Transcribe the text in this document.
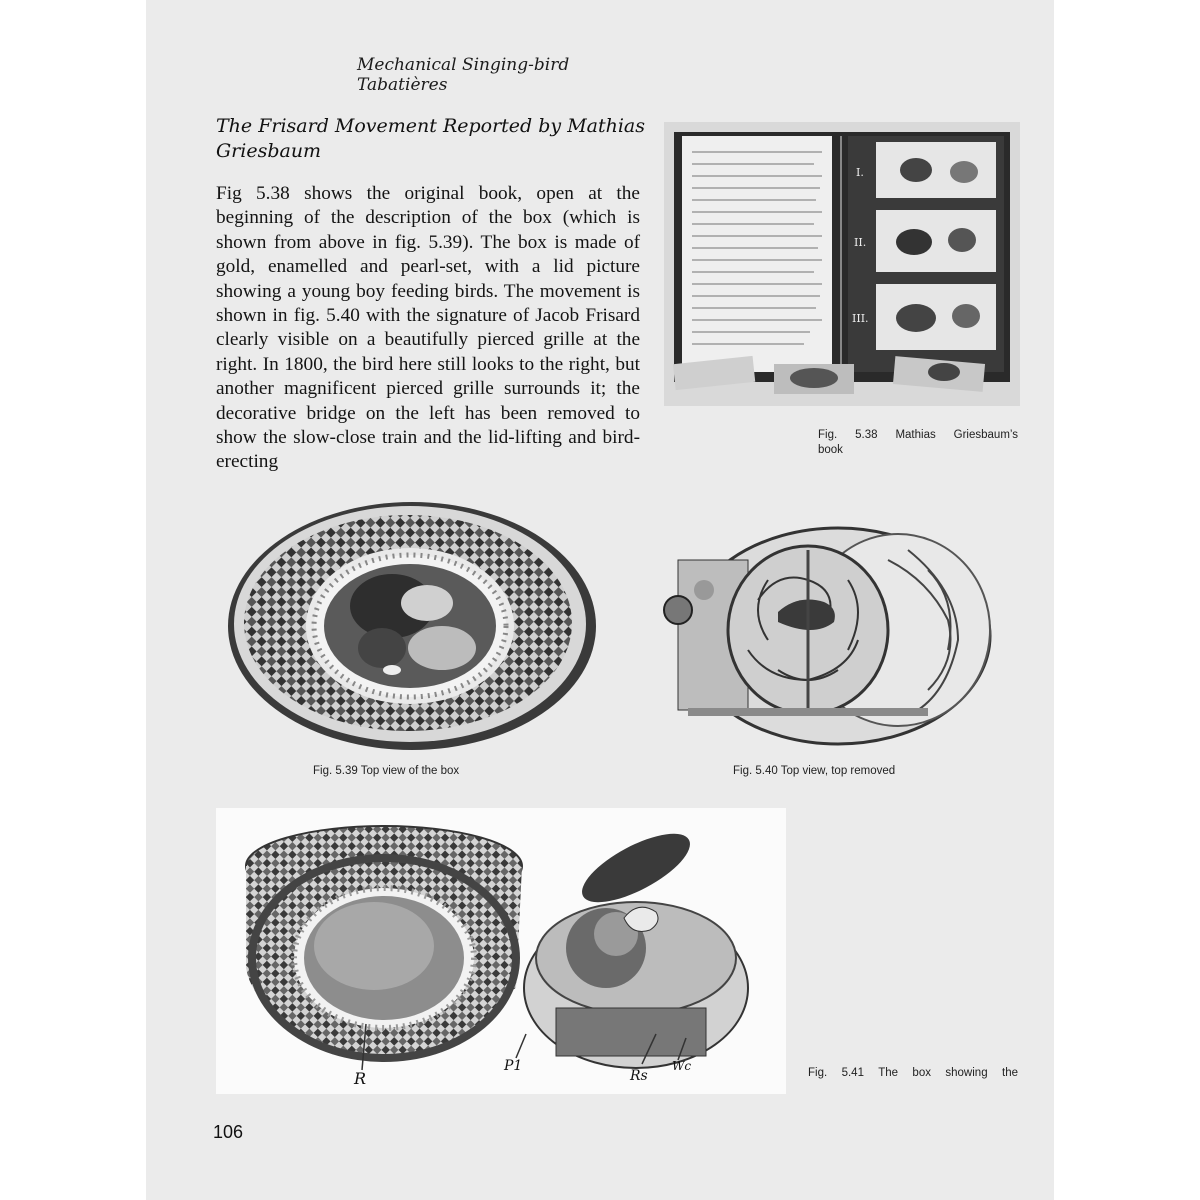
Mechanical Singing-bird Tabatières
The Frisard Movement Reported by Mathias Griesbaum
Fig 5.38 shows the original book, open at the beginning of the description of the box (which is shown from above in fig. 5.39). The box is made of gold, enamelled and pearl-set, with a lid picture showing a young boy feeding birds. The movement is shown in fig. 5.40 with the signature of Jacob Frisard clearly visible on a beautifully pierced grille at the right. In 1800, the bird here still looks to the right, but another magnificent pierced grille surrounds it; the decorative bridge on the left has been removed to show the slow-close train and the lid-lifting and bird-erecting
I.
II.
III.
Fig. 5.38 Mathias Griesbaum’s
book
Fig. 5.39 Top view of the box	Fig. 5.40 Top view, top removed
R
P1
Rs
Wc	Fig. 5.41 The box showing the
106
